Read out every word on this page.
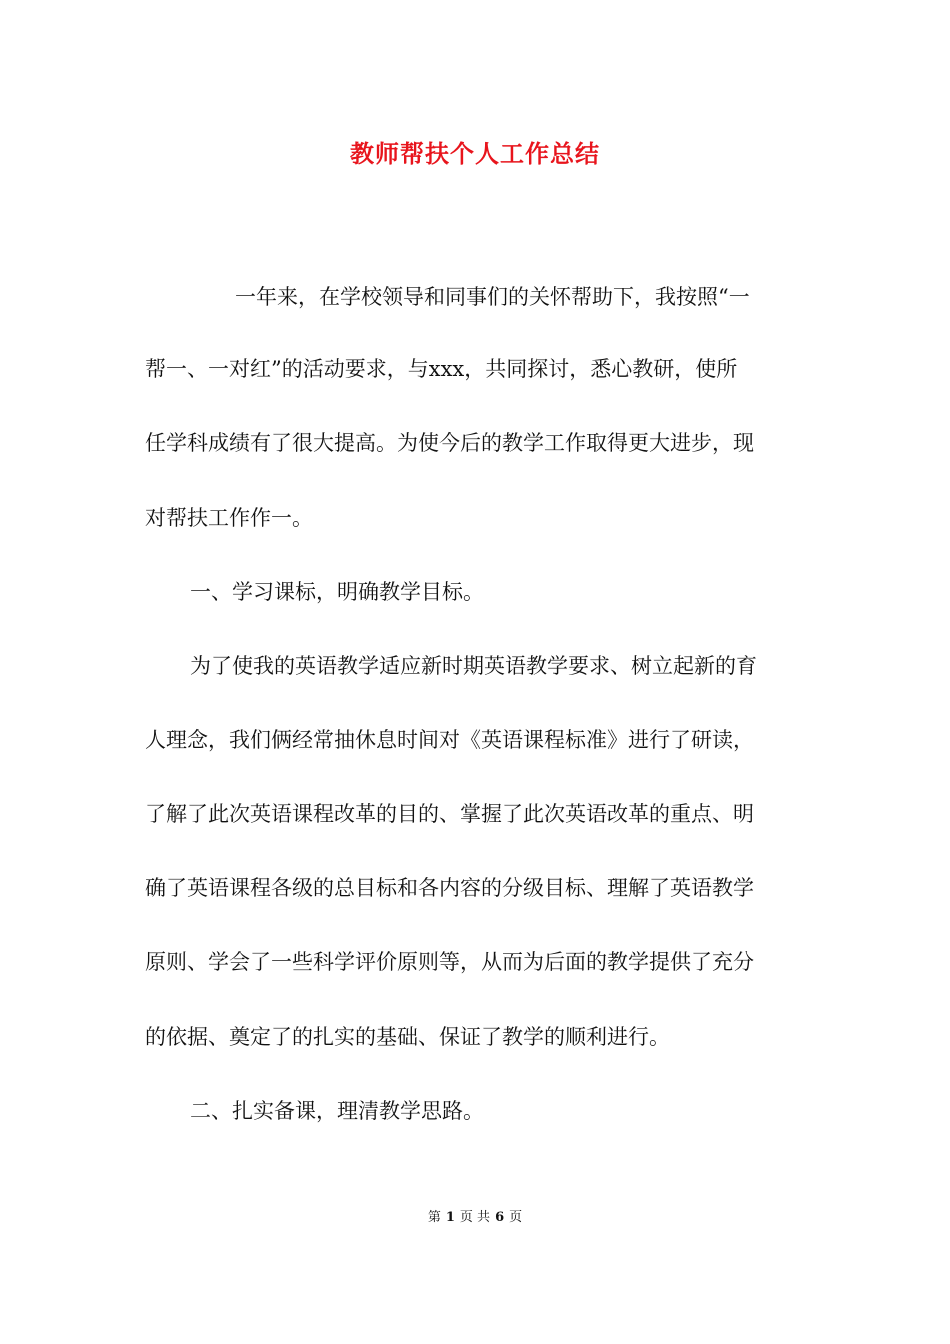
教师帮扶个人工作总结

一年来，在学校领导和同事们的关怀帮助下，我按照“一

帮一、一对红”的活动要求，与xxx，共同探讨，悉心教研，使所

任学科成绩有了很大提高。为使今后的教学工作取得更大进步，现

对帮扶工作作一。

一、学习课标，明确教学目标。

为了使我的英语教学适应新时期英语教学要求、树立起新的育

人理念，我们俩经常抽休息时间对《英语课程标准》进行了研读，

了解了此次英语课程改革的目的、掌握了此次英语改革的重点、明

确了英语课程各级的总目标和各内容的分级目标、理解了英语教学

原则、学会了一些科学评价原则等，从而为后面的教学提供了充分

的依据、奠定了的扎实的基础、保证了教学的顺利进行。

二、扎实备课，理清教学思路。

第 1 页 共 6 页
